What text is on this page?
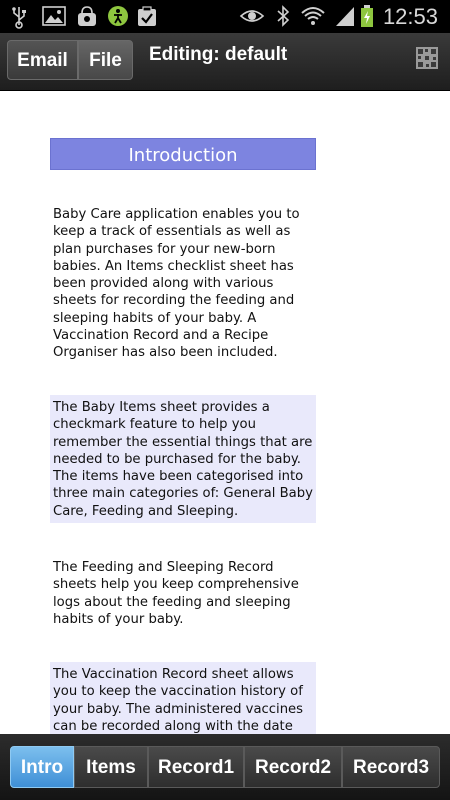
12:53
Email	File	Editing: default
Introduction
Baby Care application enables you to keep a track of essentials as well as plan purchases for your new-born babies. An Items checklist sheet has been provided along with various sheets for recording the feeding and sleeping habits of your baby. A Vaccination Record and a Recipe Organiser has also been included.
The Baby Items sheet provides a checkmark feature to help you remember the essential things that are needed to be purchased for the baby. The items have been categorised into three main categories of: General Baby Care, Feeding and Sleeping.
The Feeding and Sleeping Record sheets help you keep comprehensive logs about the feeding and sleeping habits of your baby.
The Vaccination Record sheet allows you to keep the vaccination history of your baby. The administered vaccines can be recorded along with the date
Intro	Items	Record1	Record2	Record3
